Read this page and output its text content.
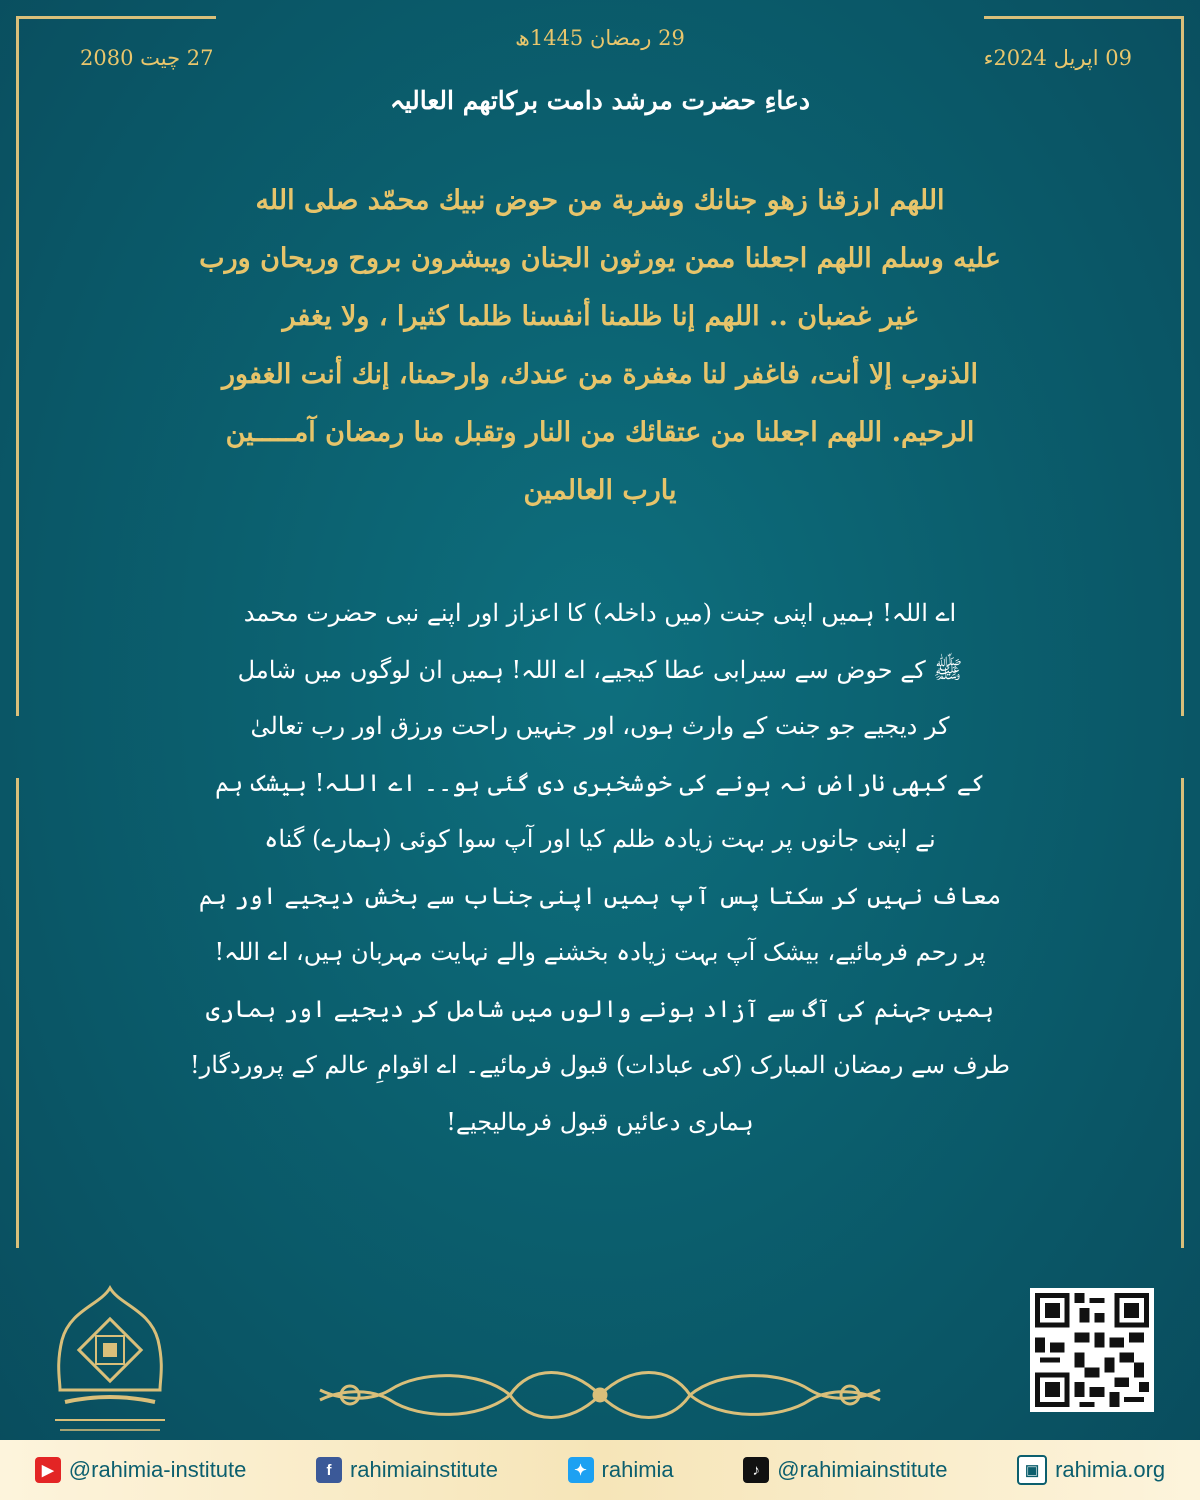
27 چیت 2080
29 رمضان 1445ھ
09 اپریل 2024ء
دعاءِ حضرت مرشد دامت برکاتھم العالیہ
اللهم ارزقنا زهو جنانك وشربة من حوض نبيك محمّد صلى الله
عليه وسلم اللهم اجعلنا ممن يورثون الجنان ويبشرون بروح وريحان ورب
غير غضبان .. اللهم إنا ظلمنا أنفسنا ظلما كثيرا ، ولا يغفر
الذنوب إلا أنت، فاغفر لنا مغفرة من عندك، وارحمنا، إنك أنت الغفور
الرحيم. اللهم اجعلنا من عتقائك من النار وتقبل منا رمضان آمـــــين
يارب العالمين
اے اللہ! ہمیں اپنی جنت (میں داخلہ) کا اعزاز اور اپنے نبی حضرت محمد
ﷺ کے حوض سے سیرابی عطا کیجیے، اے اللہ! ہمیں ان لوگوں میں شامل
کر دیجیے جو جنت کے وارث ہوں، اور جنہیں راحت ورزق اور رب تعالیٰ
کے کبھی ناراض نہ ہونے کی خوشخبری دی گئی ہو۔۔ اے اللہ! بیشک ہم
نے اپنی جانوں پر بہت زیادہ ظلم کیا اور آپ سوا کوئی (ہمارے) گناہ
معاف نہیں کر سکتا پس آپ ہمیں اپنی جناب سے بخش دیجیے اور ہم
پر رحم فرمائیے، بیشک آپ بہت زیادہ بخشنے والے نہایت مہربان ہیں، اے اللہ!
ہمیں جہنم کی آگ سے آزاد ہونے والوں میں شامل کر دیجیے اور ہماری
طرف سے رمضان المبارک (کی عبادات) قبول فرمائیے۔ اے اقوامِ عالم کے پروردگار!
ہماری دعائیں قبول فرمالیجیے!
▶ @rahimia-institute	f rahimiainstitute	✦ rahimia	♪ @rahimiainstitute	▣ rahimia.org
